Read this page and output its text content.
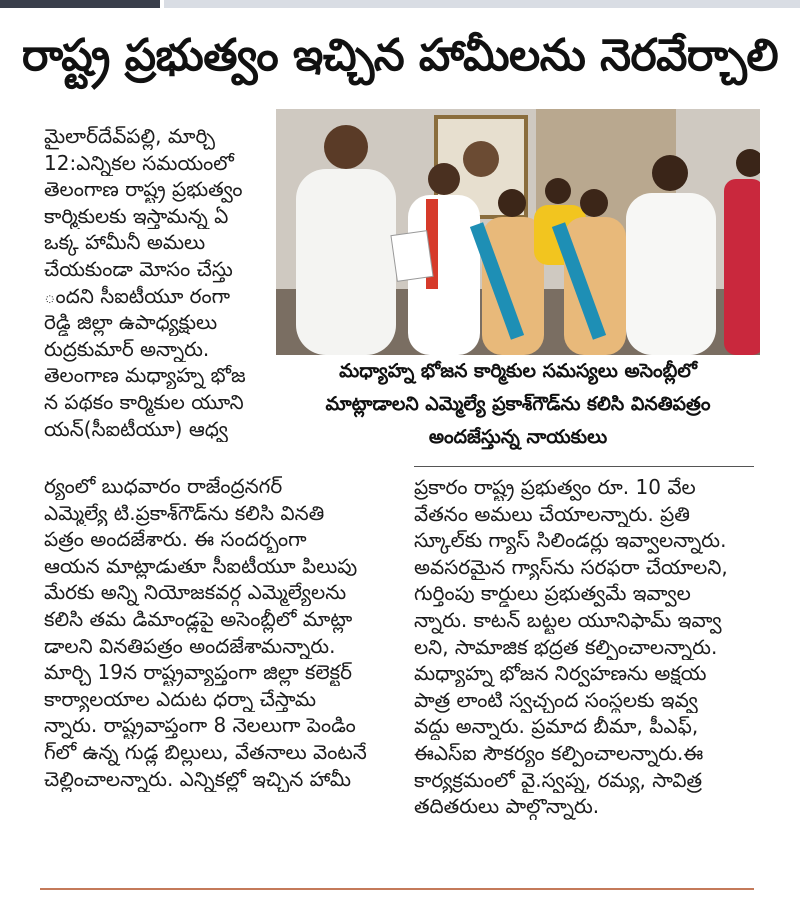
రాష్ట్ర ప్రభుత్వం ఇచ్చిన హామీలను నెరవేర్చాలి

మైలార్‌దేవ్‌పల్లి, మార్చి

12:ఎన్నికల సమయంలో

తెలంగాణ రాష్ట్ర ప్రభుత్వం

కార్మికులకు ఇస్తామన్న ఏ

ఒక్క హామీనీ అమలు

చేయకుండా మోసం చేస్తు

ందని సీఐటీయూ రంగా

రెడ్డి జిల్లా ఉపాధ్యక్షులు

రుద్రకుమార్ అన్నారు.

తెలంగాణ మధ్యాహ్న భోజ

న పథకం కార్మికుల యూని

యన్(సీఐటీయూ) ఆధ్వ

మధ్యాహ్న భోజన కార్మికుల సమస్యలు అసెంబ్లీలో
మాట్లాడాలని ఎమ్మెల్యే ప్రకాశ్‌గౌడ్‌ను కలిసి వినతిపత్రం
అందజేస్తున్న నాయకులు

ర్యంలో బుధవారం రాజేంద్రనగర్

ఎమ్మెల్యే టి.ప్రకాశ్‌గౌడ్‌ను కలిసి వినతి

పత్రం అందజేశారు. ఈ సందర్భంగా

ఆయన మాట్లాడుతూ సీఐటీయూ పిలుపు

మేరకు అన్ని నియోజకవర్గ ఎమ్మెల్యేలను

కలిసి తమ డిమాండ్లపై అసెంబ్లీలో మాట్లా

డాలని వినతిపత్రం అందజేశామన్నారు.

మార్చి 19న రాష్ట్రవ్యాప్తంగా జిల్లా కలెక్టర్

కార్యాలయాల ఎదుట ధర్నా చేస్తామ

న్నారు. రాష్ట్రవాప్తంగా 8 నెలలుగా పెండిం

గ్‌లో ఉన్న గుడ్ల బిల్లులు, వేతనాలు వెంటనే

చెల్లించాలన్నారు. ఎన్నికల్లో ఇచ్చిన హామీ

ప్రకారం రాష్ట్ర ప్రభుత్వం రూ. 10 వేల

వేతనం అమలు చేయాలన్నారు. ప్రతి

స్కూల్‌కు గ్యాస్ సిలిండర్లు ఇవ్వాలన్నారు.

అవసరమైన గ్యాస్‌ను సరఫరా చేయాలని,

గుర్తింపు కార్డులు ప్రభుత్వమే ఇవ్వాల

న్నారు. కాటన్ బట్టల యూనిఫామ్ ఇవ్వా

లని, సామాజిక భద్రత కల్పించాలన్నారు.

మధ్యాహ్న భోజన నిర్వహణను అక్షయ

పాత్ర లాంటి స్వచ్చంద సంస్థలకు ఇవ్వ

వద్దు అన్నారు. ప్రమాద బీమా, పీఎఫ్,

ఈఎస్ఐ సౌకర్యం కల్పించాలన్నారు.ఈ

కార్యక్రమంలో వై.స్వప్న, రమ్య, సావిత్ర

తదితరులు పాల్గొన్నారు.
